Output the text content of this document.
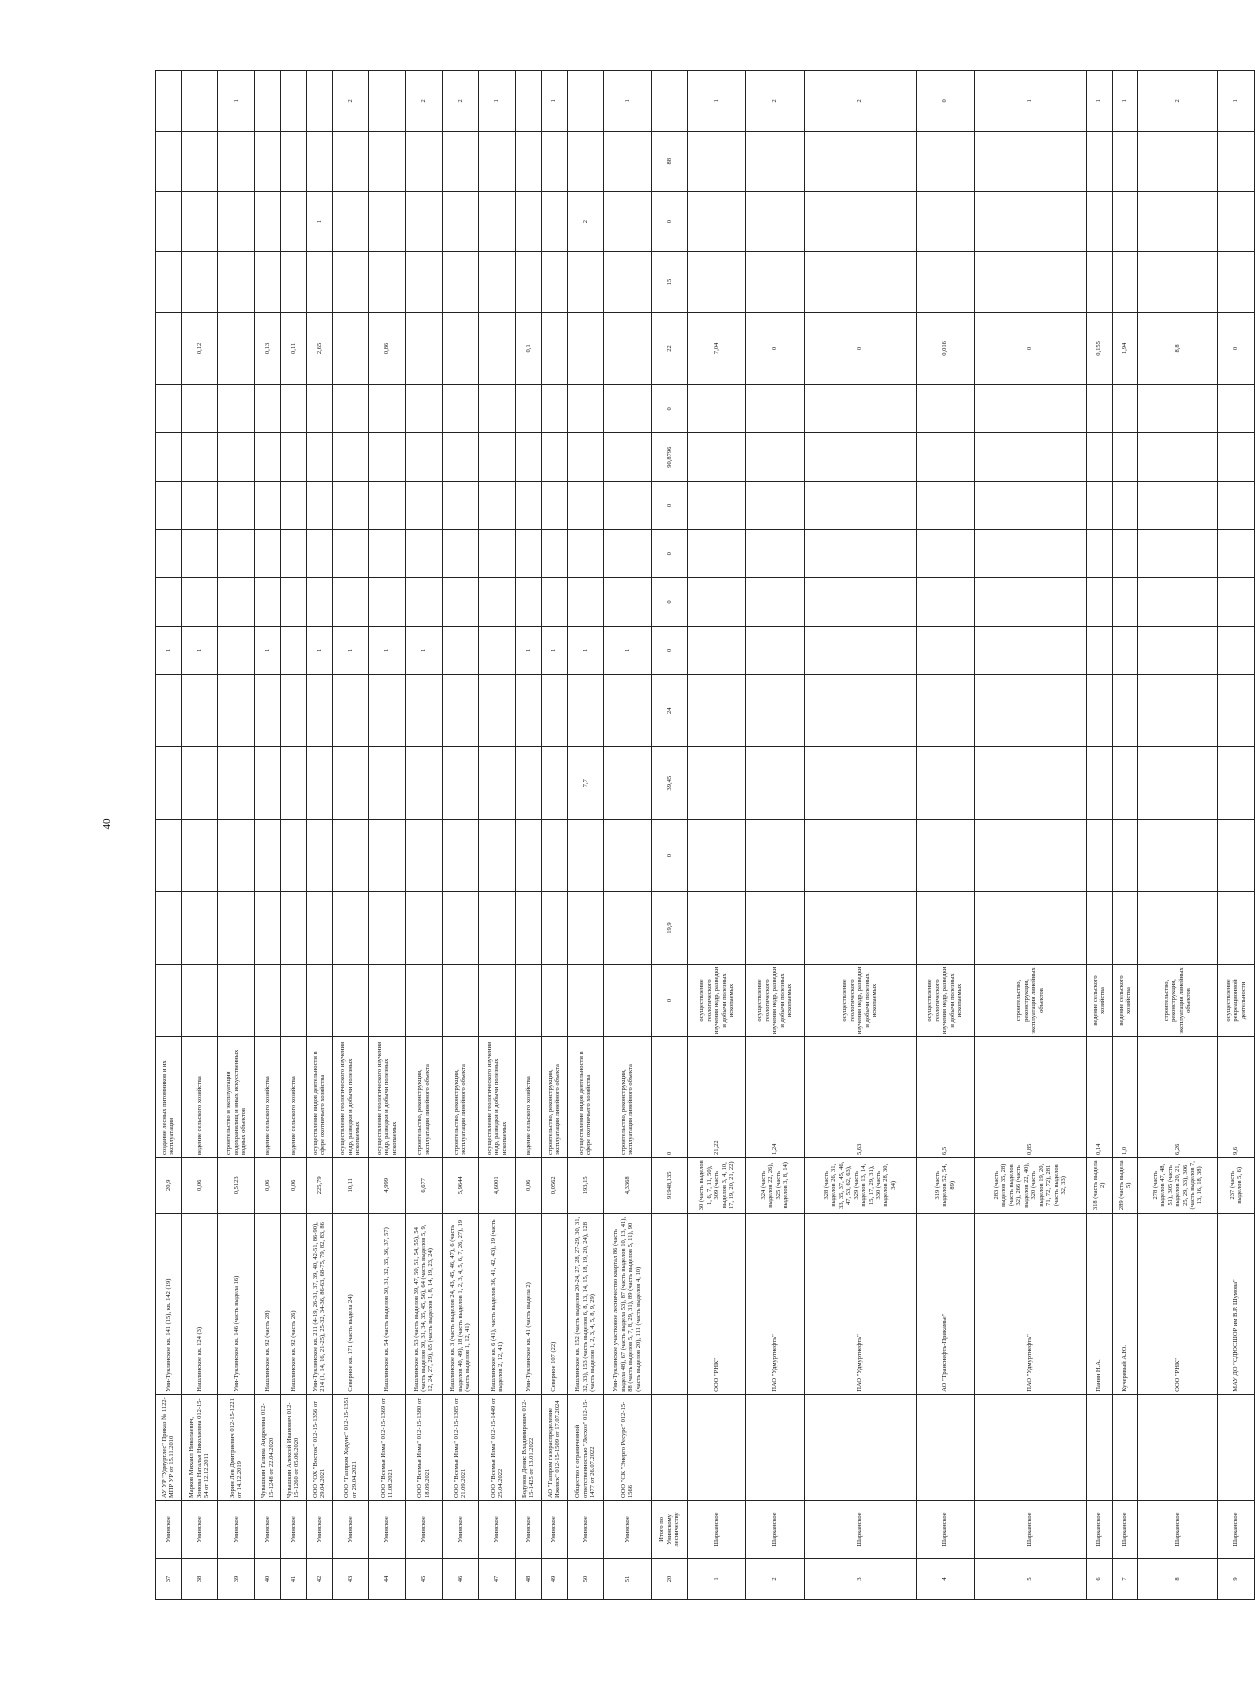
40
37	Унинское	АУ УР "Удмуртлес" Приказ № 1122-МПР УР от 15.11.2010	Уни-Туклянское кв. 141 (15), кв. 142 (19)	20,9	создание лесных питомников и их эксплуатация						1										
38	Унинское	Марков Михаил Николаевич, Зонова Наталья Николаевна 012-15-54 от 12.12.2011	Нашлинское кв. 124 (3)	0,06	ведение сельского хозяйства						1						0,12				
39	Унинское	Зорин Лев Дмитриевич 012-15-1221 от 14.12.2019	Уни-Туклянское кв. 146 (часть выдела 16)	0,5123	строительство и эксплуатация водохранилищ и иных искусственных водных объектов																1
40	Унинское	Чувашкин Галина Андреевна 012-15-1248 от 22.04.2020	Нашлинское кв. 92 (часть 28)	0,06	ведение сельского хозяйства						1						0,13				
41	Унинское	Чувашкин Алексей Иванович 012-15-1260 от 05.06.2020	Нашлинское кв. 92 (часть 26)	0,06	ведение сельского хозяйства												0,11				
42	Унинское	ООО "ОХ "Восток" 012-15-1356 от 29.04.2021	Уни-Туклянское кв. 211 (4-19, 26-31, 37, 39, 40, 42-51, 86-90), 214 (1, 14, 16, 21-25), 25-32, 34-36, 86-63, 68-75, 79, 82, 83, 86	225,79	осуществление видов деятельности в сфере охотничьего хозяйства						1						2,65		1		
43	Унинское	ООО "Газпром Ходунс" 012-15-1351 от 29.04.2021	Северное кв. 171 (часть выдела 24)	10,11	осуществление геологического изучения недр, разведки и добычи полезных ископаемых						1										2
44	Унинское	ООО "Всемья Изма" 012-15-1369 от 11.08.2021	Нашлинское кв. 54 (часть выделов 30, 31, 32, 35, 36, 37, 57)	4,999	осуществление геологического изучения недр, разведки и добычи полезных ископаемых						1						0,86				
45	Унинское	ООО "Всемья Изма" 012-15-1380 от 18.09.2021	Нашлинское кв. 53 (часть выделов 39, 47, 50, 51, 54, 55), 54 (часть выделов 30, 31, 34, 35, 45, 56), 64 (часть выделов 5, 9, 12, 24, 27, 29), 65 (часть выделов 1, 8, 14, 19, 23, 24)	6,677	строительство, реконструкция, эксплуатация линейного объекта						1										2
46	Унинское	ООО "Всемья Изма" 012-15-1385 от 21.09.2021	Нашлинское кв. 3 (часть выделов 24, 43, 45, 46, 47), 6 (часть выделов 40, 49), 18 (часть выделов 1, 2, 3, 4, 5, 6, 7, 26, 27), 19 (часть выделов 1, 12, 41)	5,9644	строительство, реконструкция, эксплуатация линейного объекта																2
47	Унинское	ООО "Всемья Изма" 012-15-1449 от 25.04.2022	Нашлинское кв. 6 (41), часть выделов 36, 41, 42, 43), 19 (часть выделов 2, 12, 41)	4,6001	осуществление геологического изучения недр, разведки и добычи полезных ископаемых																1
48	Унинское	Бодунов Денис Владимирович 012-15-1425 от 13.01.2022	Уни-Туклянское кв. 41 (часть выдела 2)	0,06	ведение сельского хозяйства						1						0,1				
49	Унинское	АО "Газпром газораспределение Ижевск" 012-15-1509 от 17.07.2024	Северное 107 (22)	0,0562	строительство, реконструкция, эксплуатация линейного объекта						1										1
50	Унинское	Общество с ограниченной ответственностью "Лесхоз" 012-15-1477 от 26.07.2022	Нашлинское кв. 152 (часть выделов 20-24, 27, 28, 27-29, 30, 31, 32, 33), 153 (часть выделов 6, 8, 13, 14, 15, 18, 19, 20, 24), 128 (часть выделов 1, 2, 3, 4, 5, 8, 9, 29)	193,15	осуществление видов деятельности в сфере охотничьего хозяйства				7,7		1								2		
51	Унинское	ООО "СК "Энерго Ресурс" 012-15-1566	Уни-Туклянское участковое лесничество квартал 86 (часть выдела 48), 67 (часть выдела 53), 87 (часть выделов 10, 13, 41), 88 (часть выделов 5, 7, 8, 29, 31), 89 (часть выделов 5, 11), 90 (часть выделов 20), 111 (часть выделов 4, 10)	4,3368	строительство, реконструкция, эксплуатация линейного объекта						1										1
20	Итого по Унинскому лесничеству			91948,135	0	0	19,9	0	39,45	24	0	0	0	0	90,8796	0	22	15	0	88	
1	Шарканское		ООО "РНК"	30 (часть выделов 1, 6, 7, 11, 50), 309 (часть выделов 3, 4, 10, 17, 19, 20, 21, 22)	21,22	осуществление геологического изучения недр, разведки и добычи полезных ископаемых											7,04				1
2	Шарканское		ПАО "Удмуртнефть"	324 (часть выделов 22, 26), 325 (часть выделов 3, 8, 14)	1,24	осуществление геологического изучения недр, разведки и добычи полезных ископаемых											0				2
3	Шарканское		ПАО "Удмуртнефть"	328 (часть выделов 26, 31, 33, 35, 37, 45, 46, 47, 53, 62, 63), 329 (часть выделов 13, 14, 15, 17, 29, 31), 330 (часть выделов 28, 30, 34)	5,63	осуществление геологического изучения недр, разведки и добычи полезных ископаемых											0				2
4	Шарканское		АО "Транснефть-Прикамье"	319 (часть выделов 52, 54, 89)	6,5	осуществление геологического изучения недр, разведки и добычи полезных ископаемых											0,016				0
5	Шарканское		ПАО "Удмуртнефть"	283 (часть выделов 35, 28) (часть выделов 32), 266 (часть выделов 22, 40), 320 (часть выделов 19, 20, 71, 72, 72), 281 (часть выделов 32, 33)	0,85	строительство, реконструкция, эксплуатация линейных объектов											0				1
6	Шарканское		Панин Н.А.	318 (часть выдела 2)	0,14	ведение сельского хозяйства											0,155				1
7	Шарканское		Кучерявый А.Ю.	289 (часть выдела 5)	1,0	ведение сельского хозяйства											1,94				1
8	Шарканское		ООО "РНК"	278 (часть выделов 47, 48, 51), 305 (часть выделов 20, 21, 25, 29, 33), 306 (часть выделов 7, 13, 16, 18, 38)	6,26	строительство, реконструкция, эксплуатация линейных объектов											8,8				2
9	Шарканское		МАУ ДО "СДЮСШОР им В.Р. Шумова"	237 (часть выделов 5, 6)	9,6	осуществление рекреационной деятельности											0				1
